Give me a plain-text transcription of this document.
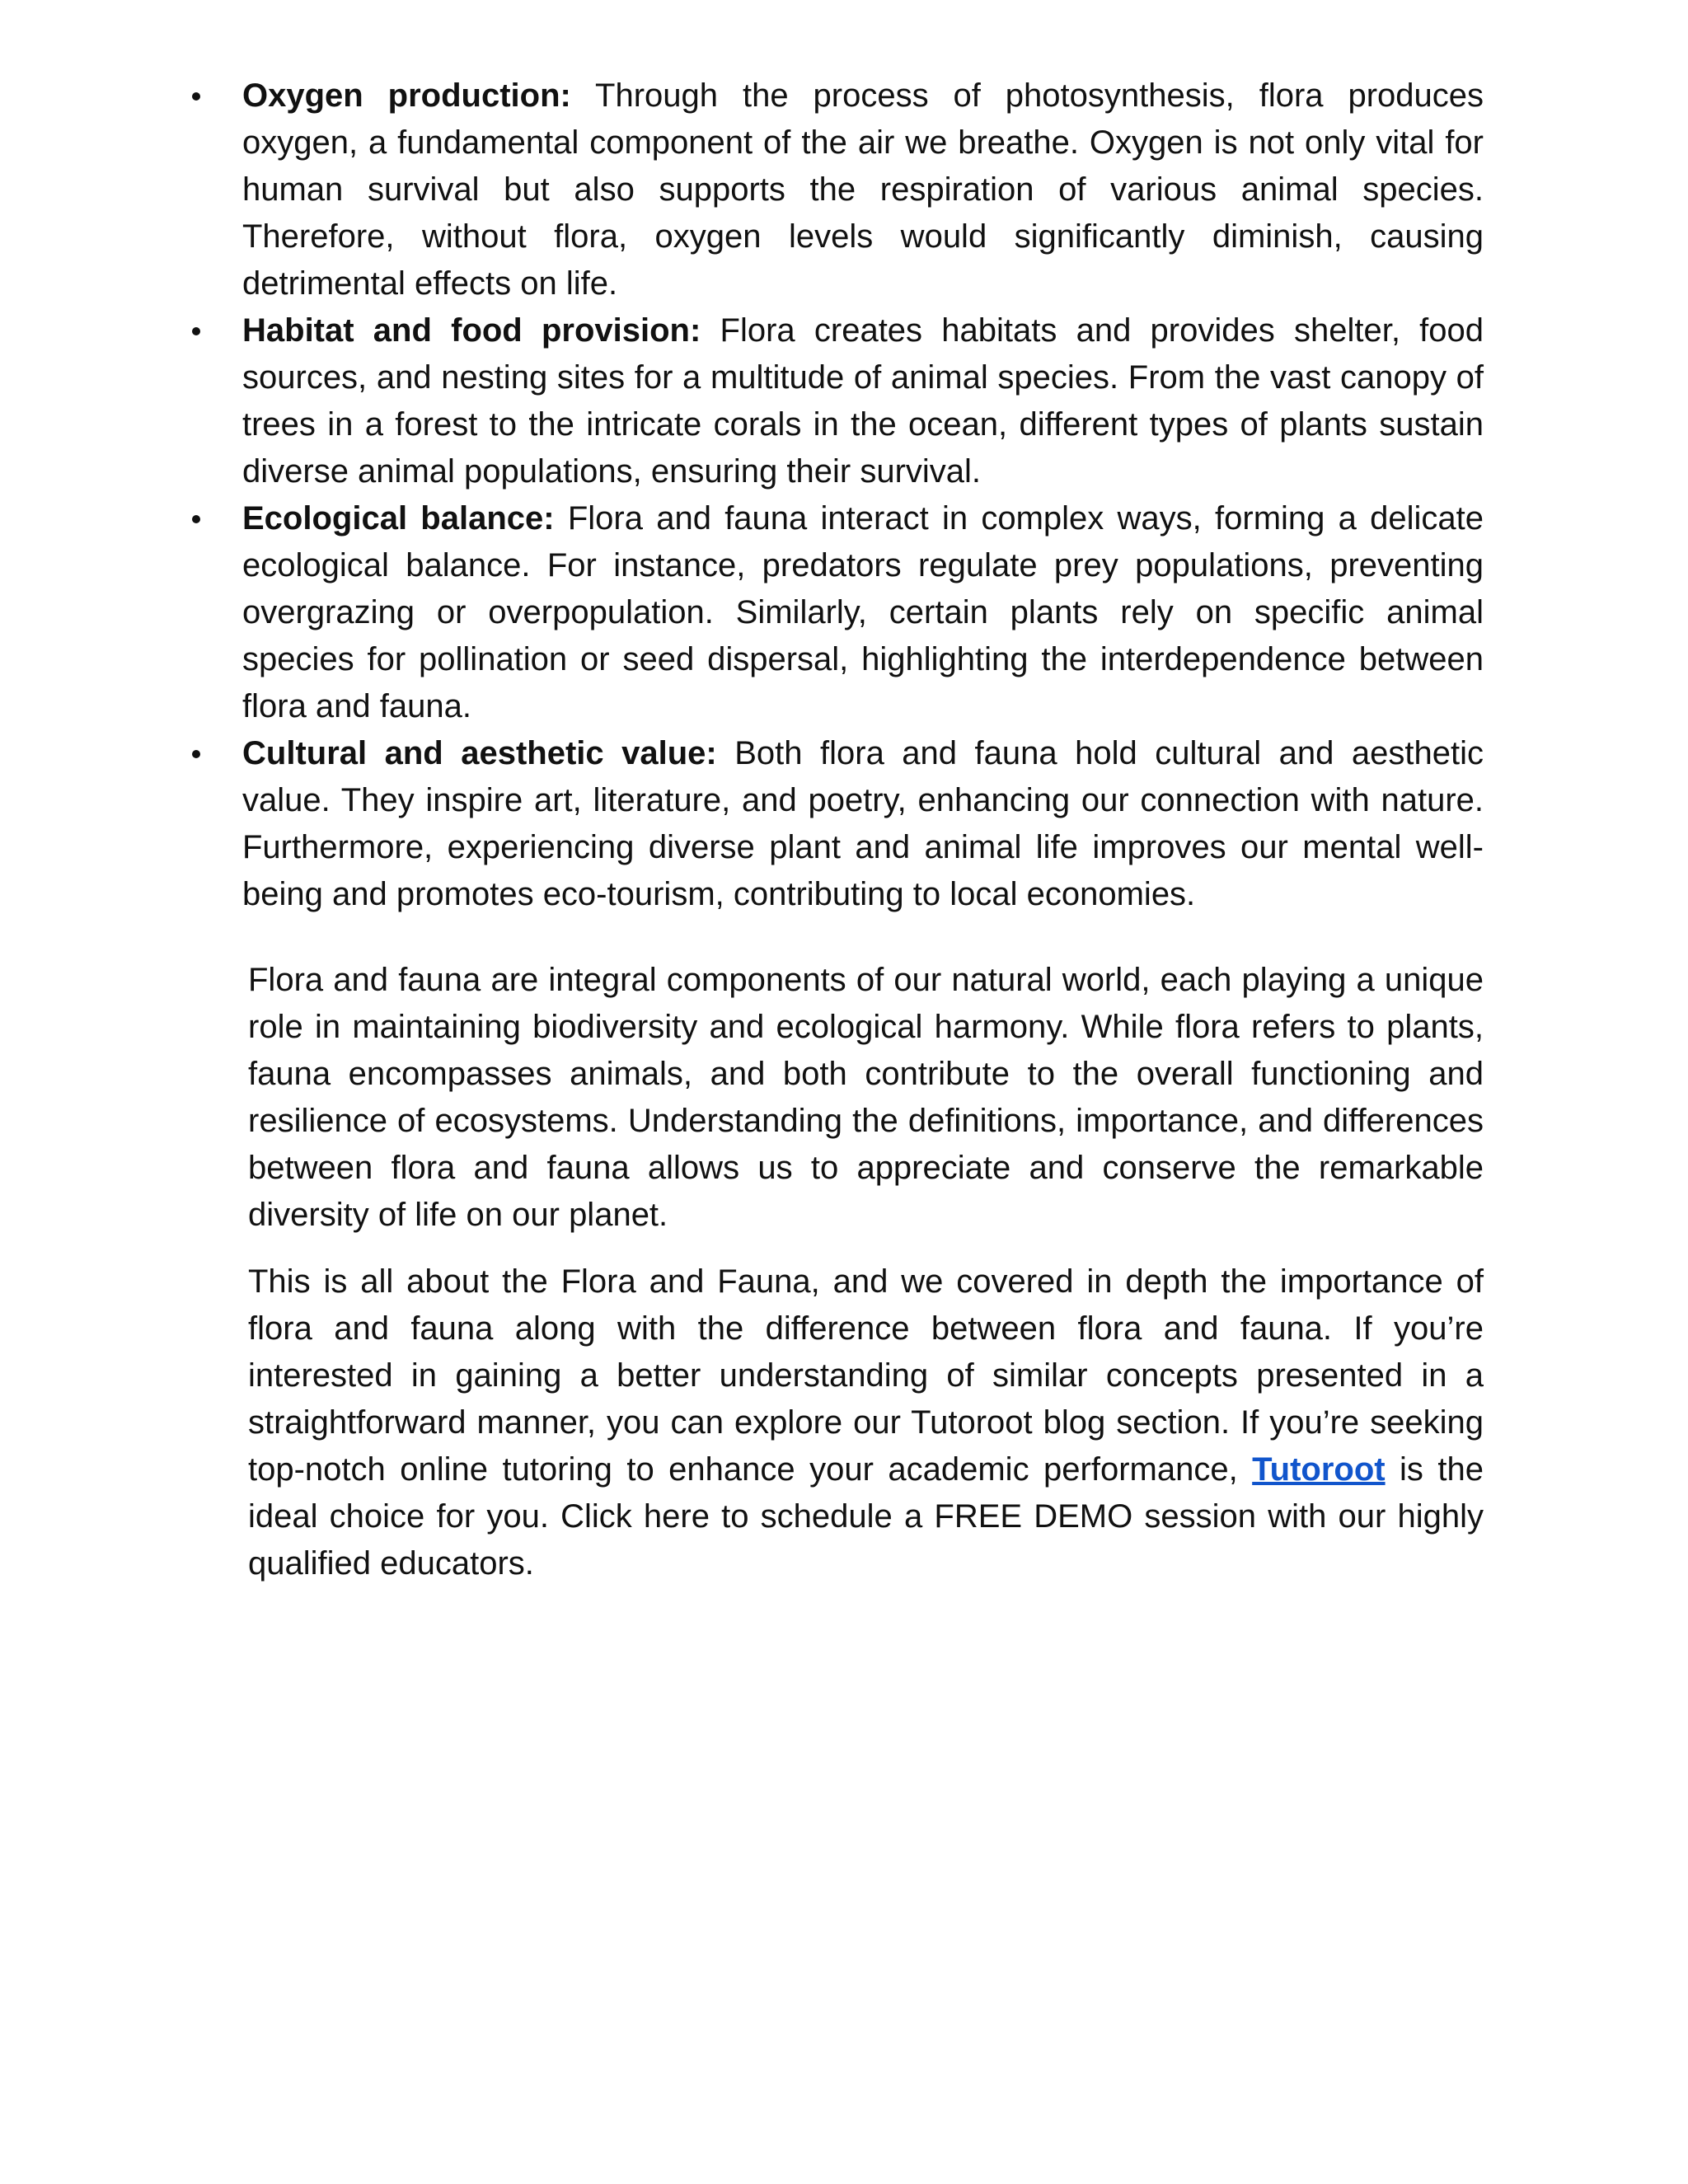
Oxygen production: Through the process of photosynthesis, flora produces oxygen, a fundamental component of the air we breathe. Oxygen is not only vital for human survival but also supports the respiration of various animal species. Therefore, without flora, oxygen levels would significantly diminish, causing detrimental effects on life.
Habitat and food provision: Flora creates habitats and provides shelter, food sources, and nesting sites for a multitude of animal species. From the vast canopy of trees in a forest to the intricate corals in the ocean, different types of plants sustain diverse animal populations, ensuring their survival.
Ecological balance: Flora and fauna interact in complex ways, forming a delicate ecological balance. For instance, predators regulate prey populations, preventing overgrazing or overpopulation. Similarly, certain plants rely on specific animal species for pollination or seed dispersal, highlighting the interdependence between flora and fauna.
Cultural and aesthetic value: Both flora and fauna hold cultural and aesthetic value. They inspire art, literature, and poetry, enhancing our connection with nature. Furthermore, experiencing diverse plant and animal life improves our mental well-being and promotes eco-tourism, contributing to local economies.

Flora and fauna are integral components of our natural world, each playing a unique role in maintaining biodiversity and ecological harmony. While flora refers to plants, fauna encompasses animals, and both contribute to the overall functioning and resilience of ecosystems. Understanding the definitions, importance, and differences between flora and fauna allows us to appreciate and conserve the remarkable diversity of life on our planet.

This is all about the Flora and Fauna, and we covered in depth the importance of flora and fauna along with the difference between flora and fauna. If you’re interested in gaining a better understanding of similar concepts presented in a straightforward manner, you can explore our Tutoroot blog section. If you’re seeking top-notch online tutoring to enhance your academic performance, Tutoroot is the ideal choice for you. Click here to schedule a FREE DEMO session with our highly qualified educators.
